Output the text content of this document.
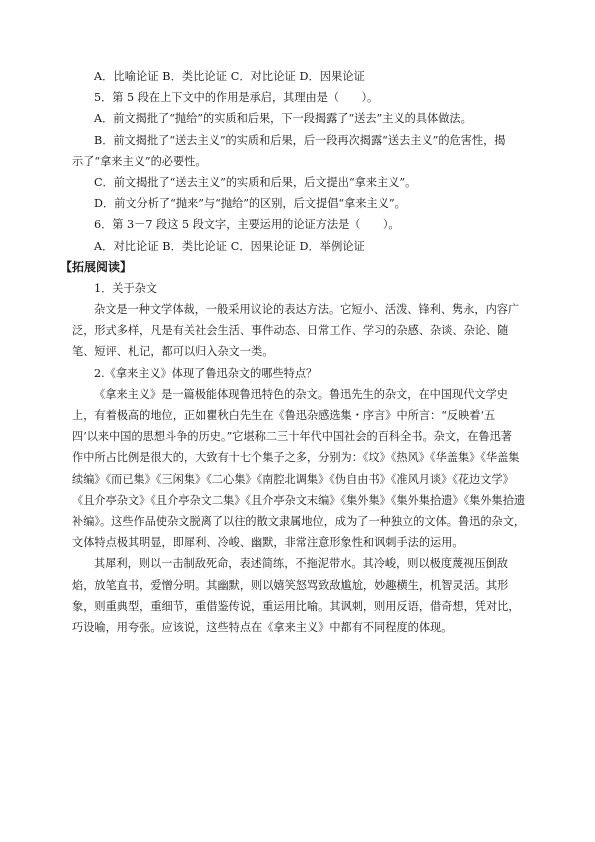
A．比喻论证 B．类比论证 C．对比论证 D．因果论证
5．第 5 段在上下文中的作用是承启，其理由是（　　）。
A．前文揭批了“抛给”的实质和后果，下一段揭露了“送去”主义的具体做法。
B．前文揭批了“送去主义”的实质和后果，后一段再次揭露“送去主义”的危害性，揭
示了“拿来主义”的必要性。
C．前文揭批了“送去主义”的实质和后果，后文提出“拿来主义”。
D．前文分析了“抛来”与“抛给”的区别，后文提倡“拿来主义”。
6．第 3－7 段这 5 段文字，主要运用的论证方法是（　　）。
A．对比论证 B．类比论证 C．因果论证 D．举例论证
【拓展阅读】
1．关于杂文
杂文是一种文学体裁，一般采用议论的表达方法。它短小、活泼、锋利、隽永，内容广
泛，形式多样，凡是有关社会生活、事件动态、日常工作、学习的杂感、杂谈、杂论、随
笔、短评、札记，都可以归入杂文一类。
2.《拿来主义》体现了鲁迅杂文的哪些特点？
《拿来主义》是一篇极能体现鲁迅特色的杂文。鲁迅先生的杂文，在中国现代文学史
上，有着极高的地位，正如瞿秋白先生在《鲁迅杂感选集・序言》中所言：“反映着‘五
四’以来中国的思想斗争的历史。”它堪称二三十年代中国社会的百科全书。杂文，在鲁迅著
作中所占比例是很大的，大致有十七个集子之多，分别为：《坟》《热风》《华盖集》《华盖集
续编》《而已集》《三闲集》《二心集》《南腔北调集》《伪自由书》《准风月谈》《花边文学》
《且介亭杂文》《且介亭杂文二集》《且介亭杂文末编》《集外集》《集外集拾遗》《集外集拾遗
补编》。这些作品使杂文脱离了以往的散文隶属地位，成为了一种独立的文体。鲁迅的杂文，
文体特点极其明显，即犀利、冷峻、幽默，非常注意形象性和讽刺手法的运用。
其犀利，则以一击制敌死命，表述简练，不拖泥带水。其冷峻，则以极度蔑视压倒敌
焰，放笔直书，爱憎分明。其幽默，则以嬉笑怒骂致敌尴尬，妙趣横生，机智灵活。其形
象，则重典型，重细节，重借鉴传说，重运用比喻。其讽刺，则用反语，借奇想，凭对比，
巧设喻，用夸张。应该说，这些特点在《拿来主义》中都有不同程度的体现。
